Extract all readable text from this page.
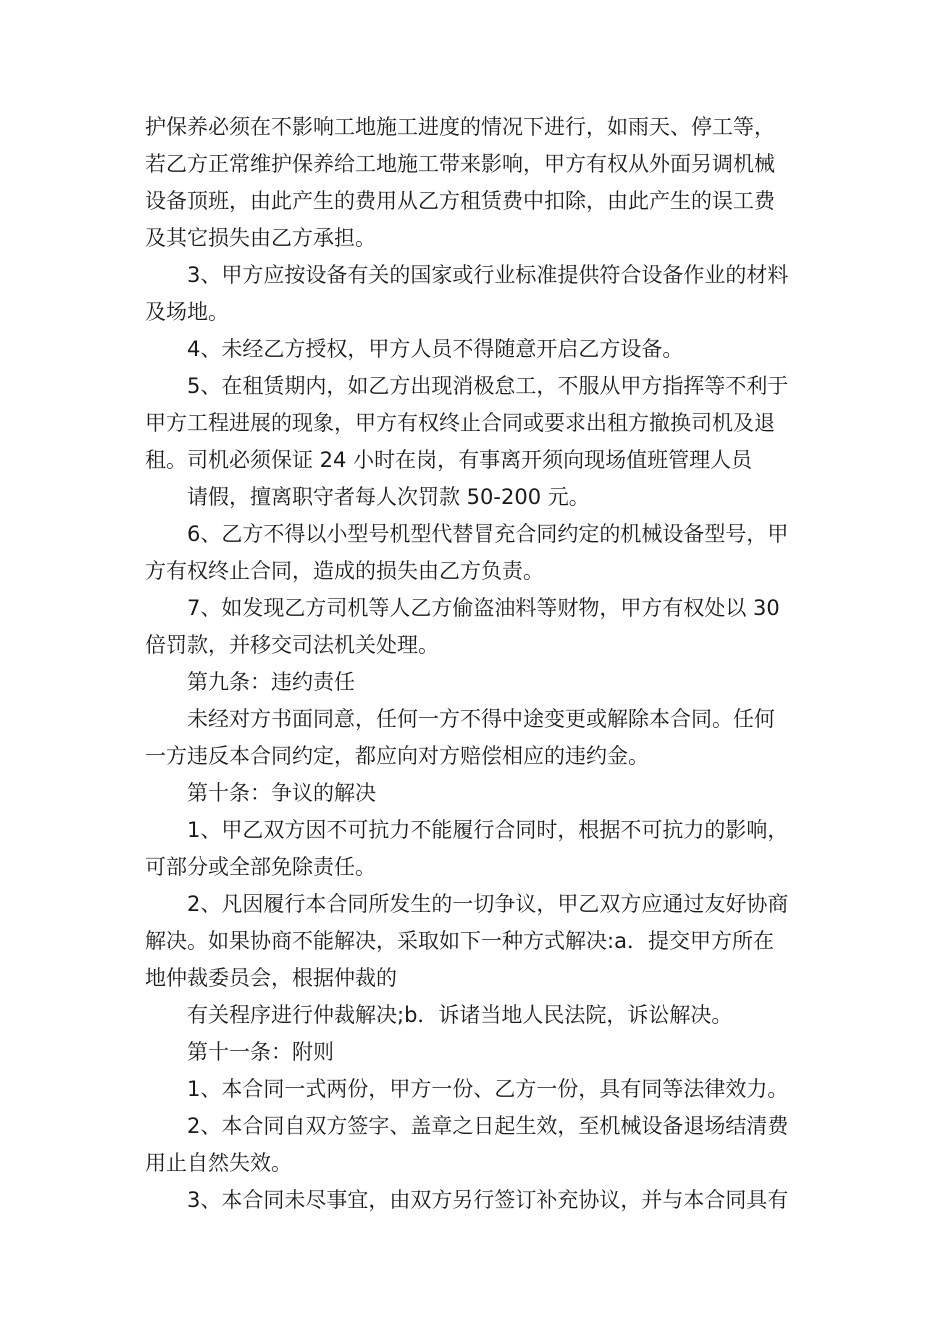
护保养必须在不影响工地施工进度的情况下进行，如雨天、停工等，
若乙方正常维护保养给工地施工带来影响，甲方有权从外面另调机械
设备顶班，由此产生的费用从乙方租赁费中扣除，由此产生的误工费
及其它损失由乙方承担。
3、甲方应按设备有关的国家或行业标准提供符合设备作业的材料
及场地。
4、未经乙方授权，甲方人员不得随意开启乙方设备。
5、在租赁期内，如乙方出现消极怠工，不服从甲方指挥等不利于
甲方工程进展的现象，甲方有权终止合同或要求出租方撤换司机及退
租。司机必须保证 24 小时在岗，有事离开须向现场值班管理人员
请假，擅离职守者每人次罚款 50-200 元。
6、乙方不得以小型号机型代替冒充合同约定的机械设备型号，甲
方有权终止合同，造成的损失由乙方负责。
7、如发现乙方司机等人乙方偷盗油料等财物，甲方有权处以 30
倍罚款，并移交司法机关处理。
第九条：违约责任
未经对方书面同意，任何一方不得中途变更或解除本合同。任何
一方违反本合同约定，都应向对方赔偿相应的违约金。
第十条：争议的解决
1、甲乙双方因不可抗力不能履行合同时，根据不可抗力的影响，
可部分或全部免除责任。
2、凡因履行本合同所发生的一切争议，甲乙双方应通过友好协商
解决。如果协商不能解决，采取如下一种方式解决:a．提交甲方所在
地仲裁委员会，根据仲裁的
有关程序进行仲裁解决;b．诉诸当地人民法院，诉讼解决。
第十一条：附则
1、本合同一式两份，甲方一份、乙方一份，具有同等法律效力。
2、本合同自双方签字、盖章之日起生效，至机械设备退场结清费
用止自然失效。
3、本合同未尽事宜，由双方另行签订补充协议，并与本合同具有
